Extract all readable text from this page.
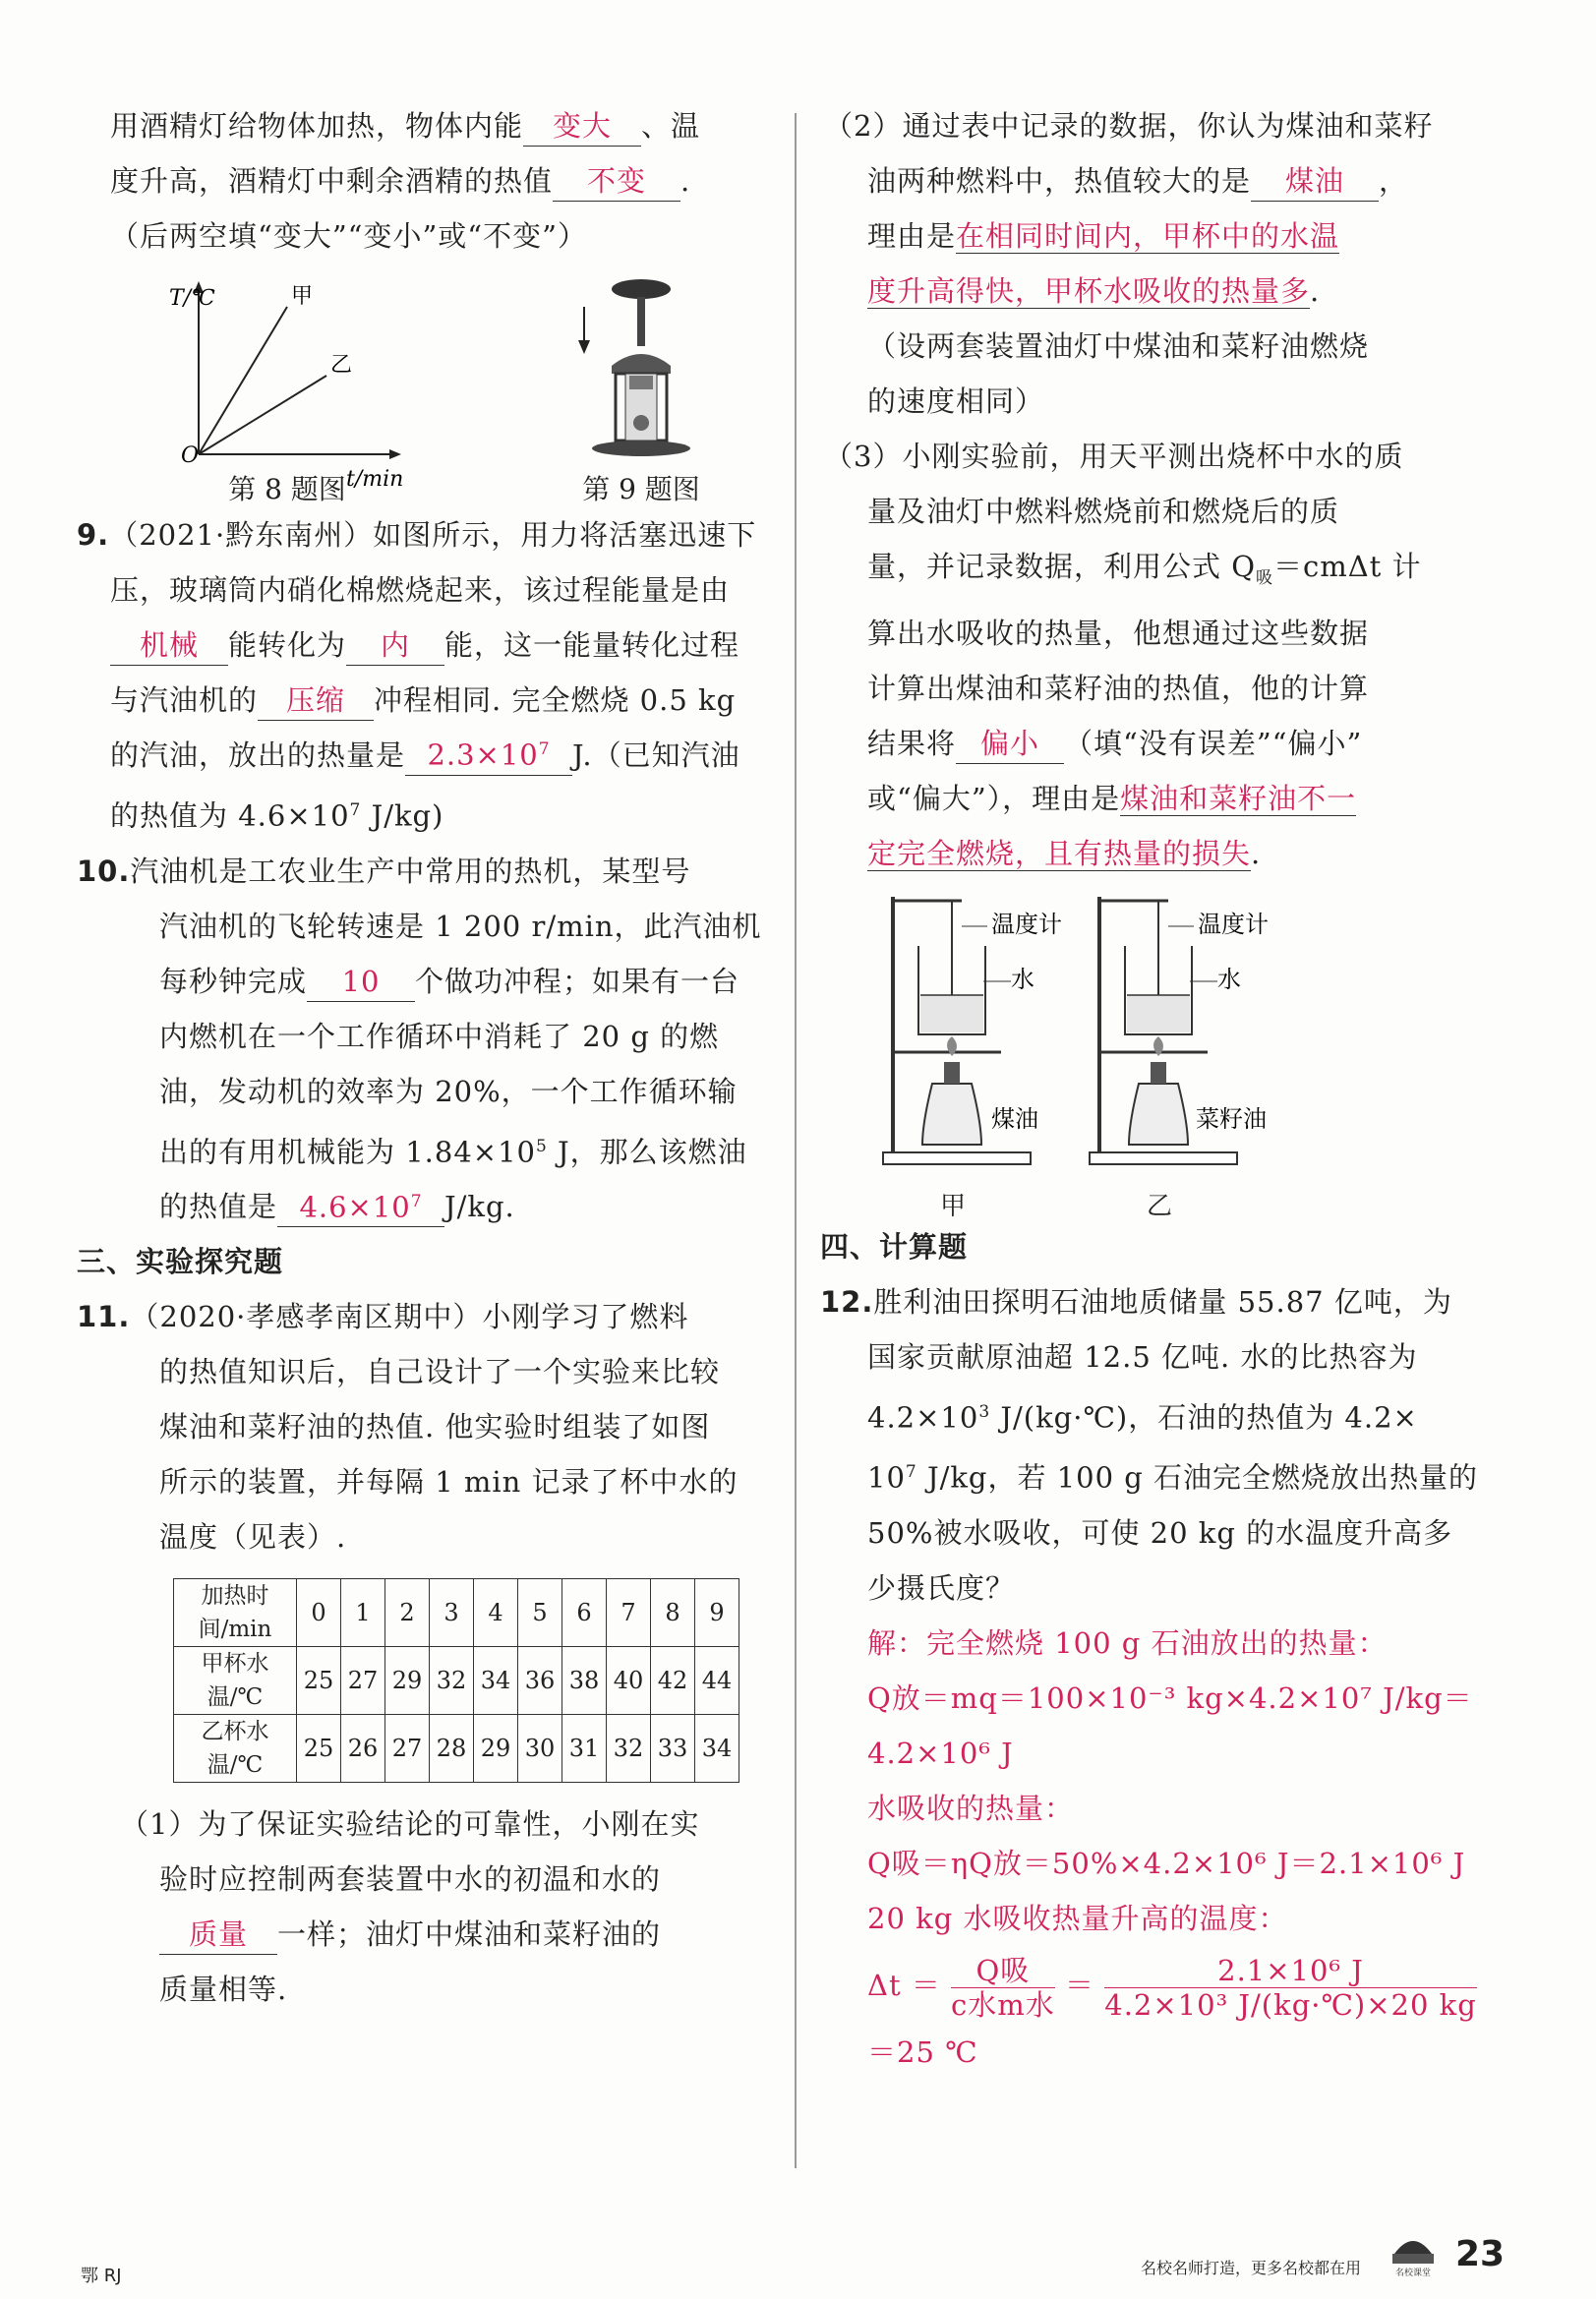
用酒精灯给物体加热，物体内能 变大 、温

度升高，酒精灯中剩余酒精的热值 不变 .

（后两空填“变大”“变小”或“不变”）

T/℃
O
t/min
甲
乙
第 8 题图	第 9 题图

9.（2021·黔东南州）如图所示，用力将活塞迅速下

压，玻璃筒内硝化棉燃烧起来，该过程能量是由

机械 能转化为 内 能，这一能量转化过程

与汽油机的 压缩 冲程相同. 完全燃烧 0.5 kg

的汽油，放出的热量是 $2.3\times 10^7$ J.（已知汽油

的热值为 $4.6\times 10^7$ J/kg)

10.汽油机是工农业生产中常用的热机，某型号

汽油机的飞轮转速是 1 200 r/min，此汽油机

每秒钟完成 10 个做功冲程；如果有一台

内燃机在一个工作循环中消耗了 20 g 的燃

油，发动机的效率为 20%，一个工作循环输

出的有用机械能为 $1.84\times 10^5$ J，那么该燃油

的热值是 $4.6\times 10^7$ J/kg.

三、实验探究题

11.（2020·孝感孝南区期中）小刚学习了燃料

的热值知识后，自己设计了一个实验来比较

煤油和菜籽油的热值. 他实验时组装了如图

所示的装置，并每隔 1 min 记录了杯中水的

温度（见表）.

加热时
间/min	0	1	2	3	4	5	6	7	8	9

甲杯水
温/℃	25	27	29	32	34	36	38	40	42	44

乙杯水
温/℃	25	26	27	28	29	30	31	32	33	34

（1）为了保证实验结论的可靠性，小刚在实

验时应控制两套装置中水的初温和水的

质量 一样；油灯中煤油和菜籽油的

质量相等.

（2）通过表中记录的数据，你认为煤油和菜籽

油两种燃料中，热值较大的是 煤油 ，

理由是在相同时间内，甲杯中的水温

度升高得快，甲杯水吸收的热量多.

（设两套装置油灯中煤油和菜籽油燃烧

的速度相同）

（3）小刚实验前，用天平测出烧杯中水的质

量及油灯中燃料燃烧前和燃烧后的质

量，并记录数据，利用公式 $Q_吸=cm\Delta t$ 计

算出水吸收的热量，他想通过这些数据

计算出煤油和菜籽油的热值，他的计算

结果将 偏小 （填“没有误差”“偏小”

或“偏大”），理由是煤油和菜籽油不一

定完全燃烧，且有热量的损失.

温度计
水
煤油
温度计
水
菜籽油
甲	乙

四、计算题

12.胜利油田探明石油地质储量 55.87 亿吨，为

国家贡献原油超 12.5 亿吨. 水的比热容为

$4.2\times 10^3$ J/(kg·℃)，石油的热值为 4.2×

$10^7$ J/kg，若 100 g 石油完全燃烧放出热量的

50%被水吸收，可使 20 kg 的水温度升高多

少摄氏度？

解：完全燃烧 100 g 石油放出的热量：

Q放＝mq＝100×10⁻³ kg×4.2×10⁷ J/kg＝

4.2×10⁶ J

水吸收的热量：

Q吸＝ηQ放＝50%×4.2×10⁶ J＝2.1×10⁶ J

20 kg 水吸收热量升高的温度：

$\Delta t = \frac{\text{Q吸}}{\text{c水m水}} = \frac{\text{2.1×10⁶ J}}{\text{4.2×10³ J/(kg·℃)×20 kg}}$

＝25 ℃

鄂 RJ	名校名师打造，更多名校都在用	名校课堂 23
